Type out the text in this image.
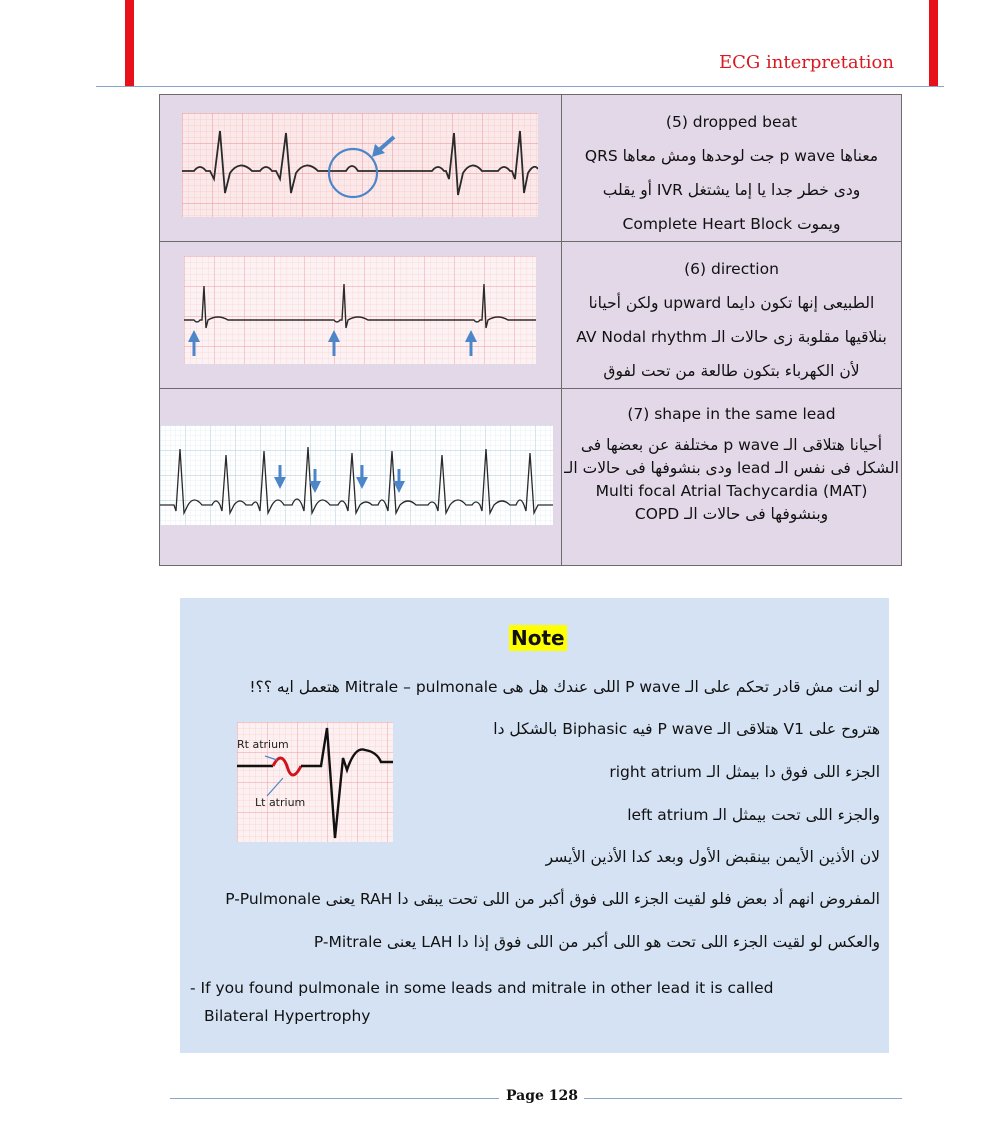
ECG interpretation

(5) dropped beat
معناها p wave جت لوحدها ومش معاها QRS
ودى خطر جدا يا إما يشتغل IVR أو يقلب
ويموت Complete Heart Block

(6) direction
الطبيعى إنها تكون دايما upward ولكن أحيانا
بنلاقيها مقلوبة زى حالات الـ AV Nodal rhythm
لأن الكهرباء بتكون طالعة من تحت لفوق

(7) shape in the same lead
أحيانا هتلاقى الـ p wave مختلفة عن بعضها فى
الشكل فى نفس الـ lead ودى بنشوفها فى حالات الـ
Multi focal Atrial Tachycardia (MAT)
وبنشوفها فى حالات الـ COPD
Note
لو انت مش قادر تحكم على الـ P wave اللى عندك هل هى Mitrale – pulmonale هتعمل ايه ؟؟!
هتروح على V1 هتلاقى الـ P wave فيه Biphasic بالشكل دا
الجزء اللى فوق دا بيمثل الـ right atrium
والجزء اللى تحت بيمثل الـ left atrium
لان الأذين الأيمن بينقبض الأول وبعد كدا الأذين الأيسر
المفروض انهم أد بعض فلو لقيت الجزء اللى فوق أكبر من اللى تحت يبقى دا RAH يعنى P-Pulmonale
والعكس لو لقيت الجزء اللى تحت هو اللى أكبر من اللى فوق إذا دا LAH يعنى P-Mitrale
- If you found pulmonale in some leads and mitrale in other lead it is called
Bilateral Hypertrophy
Rt atrium
Lt atrium
Page 128
